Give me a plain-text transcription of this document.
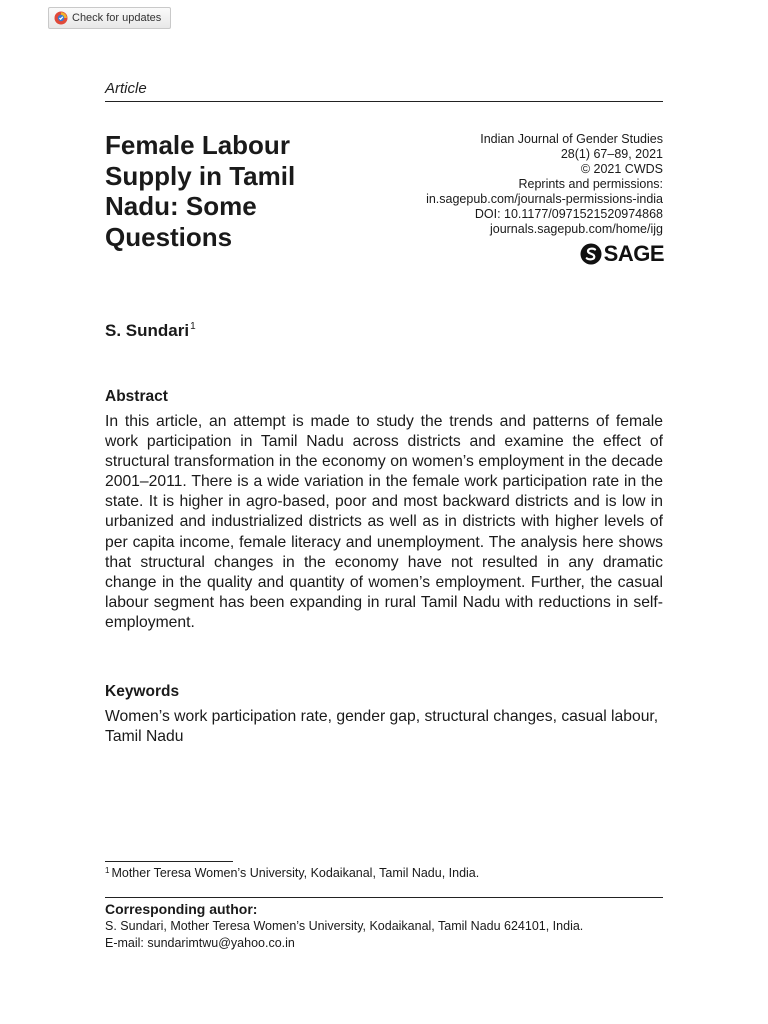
Check for updates
Article
Female Labour
Supply in Tamil
Nadu: Some
Questions
Indian Journal of Gender Studies
28(1) 67–89, 2021
© 2021 CWDS
Reprints and permissions:
in.sagepub.com/journals-permissions-india
DOI: 10.1177/0971521520974868
journals.sagepub.com/home/ijg
SAGE
S. Sundari$^1$
Abstract

In this article, an attempt is made to study the trends and patterns of female work participation in Tamil Nadu across districts and examine the effect of structural transformation in the economy on women’s employment in the decade 2001–2011. There is a wide variation in the female work participation rate in the state. It is higher in agro-based, poor and most backward districts and is low in urbanized and industrialized districts as well as in districts with higher levels of per capita income, female literacy and unemployment. The analysis here shows that structural changes in the economy have not resulted in any dramatic change in the quality and quantity of women’s employment. Further, the casual labour segment has been expanding in rural Tamil Nadu with reductions in self-employment.

Keywords

Women’s work participation rate, gender gap, structural changes, casual labour, Tamil Nadu

$^1$ Mother Teresa Women’s University, Kodaikanal, Tamil Nadu, India.
Corresponding author:
S. Sundari, Mother Teresa Women’s University, Kodaikanal, Tamil Nadu 624101, India.
E-mail: sundarimtwu@yahoo.co.in
